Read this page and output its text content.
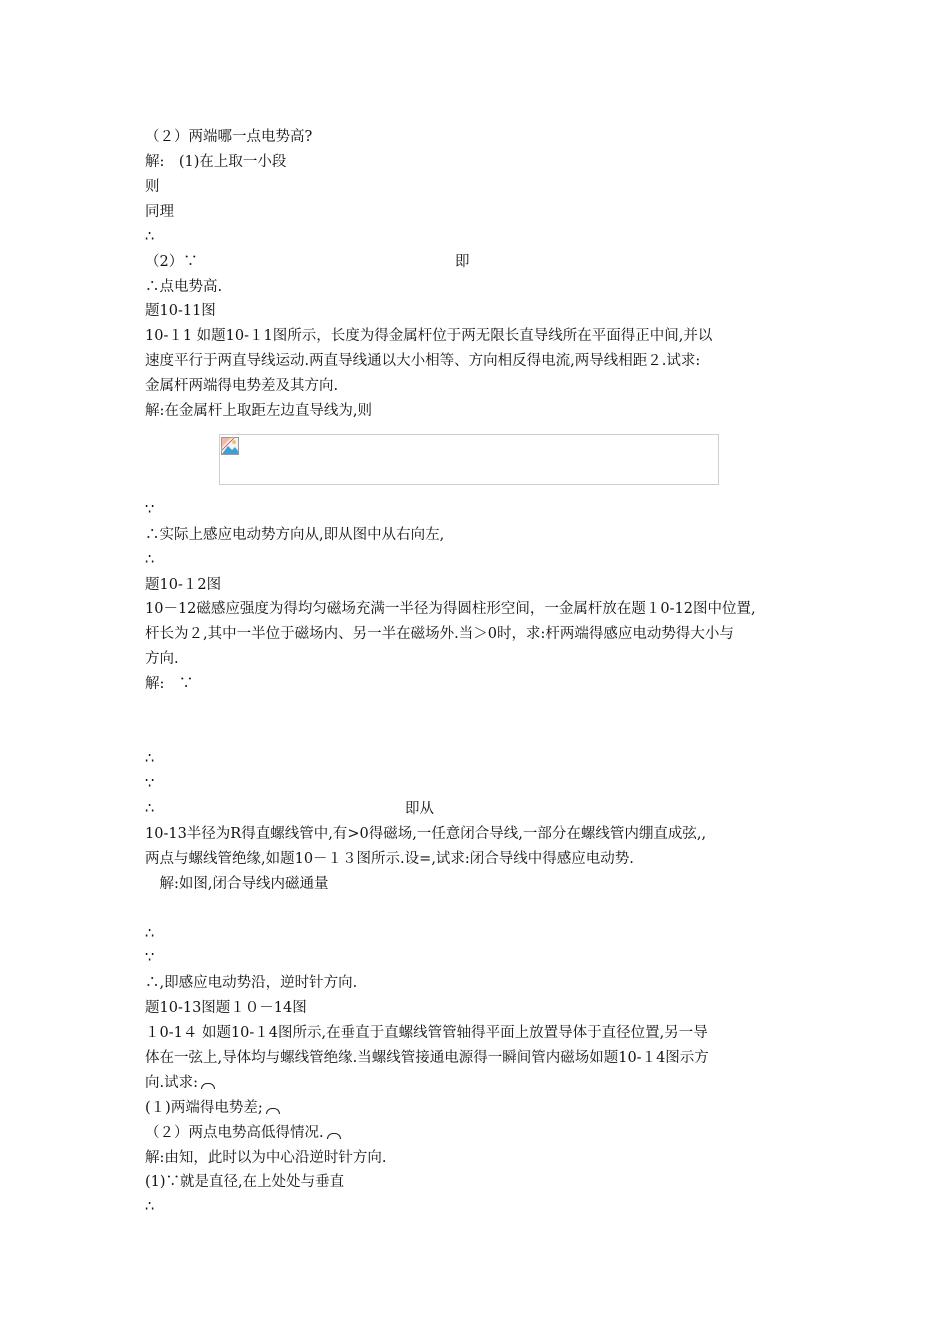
（２）两端哪一点电势高?
解:　(1)在上取一小段
则
同理
∴
（2）∵	即
∴点电势高.
题10-11图
10-１1 如题10-１1图所示，长度为得金属杆位于两无限长直导线所在平面得正中间,并以
速度平行于两直导线运动.两直导线通以大小相等、方向相反得电流,两导线相距２.试求:
金属杆两端得电势差及其方向.
解:在金属杆上取距左边直导线为,则
∵
∴实际上感应电动势方向从,即从图中从右向左,
∴
题10-１2图
10－12磁感应强度为得均匀磁场充满一半径为得圆柱形空间，一金属杆放在题１0-12图中位置,
杆长为２,其中一半位于磁场内、另一半在磁场外.当＞0时，求:杆两端得感应电动势得大小与
方向.
解:　∵
∴
∵
∴	即从
10-13半径为R得直螺线管中,有>0得磁场,一任意闭合导线,一部分在螺线管内绷直成弦,,
两点与螺线管绝缘,如题10－１３图所示.设=,试求:闭合导线中得感应电动势.
　解:如图,闭合导线内磁通量
∴
∵
∴,即感应电动势沿，逆时针方向.
题10-13图题１０－14图
１0-1４ 如题10-１4图所示,在垂直于直螺线管管轴得平面上放置导体于直径位置,另一导
体在一弦上,导体均与螺线管绝缘.当螺线管接通电源得一瞬间管内磁场如题10-１4图示方
向.试求:
(１)两端得电势差;
（２）两点电势高低得情况.
解:由知，此时以为中心沿逆时针方向.
(1)∵就是直径,在上处处与垂直
∴
